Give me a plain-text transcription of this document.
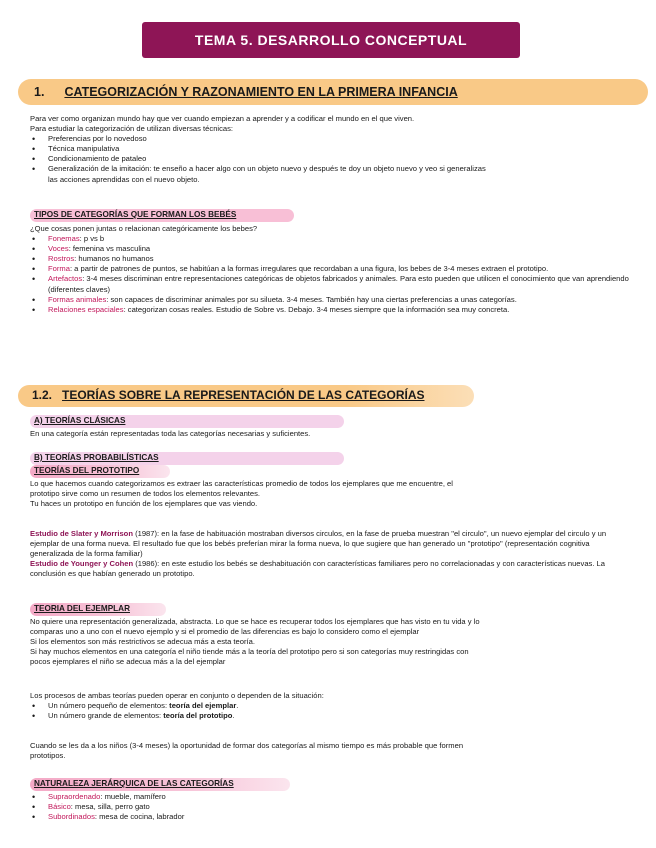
TEMA 5. DESARROLLO CONCEPTUAL
1. CATEGORIZACIÓN Y RAZONAMIENTO EN LA PRIMERA INFANCIA

Para ver como organizan mundo hay que ver cuando empiezan a aprender y a codificar el mundo en el que viven.

Para estudiar la categorización de utilizan diversas técnicas:

• Preferencias por lo novedoso
• Técnica manipulativa
• Condicionamiento de pataleo
• Generalización de la imitación: te enseño a hacer algo con un objeto nuevo y después te doy un objeto nuevo y veo si generalizas

las acciones aprendidas con el nuevo objeto.

TIPOS DE CATEGORÍAS QUE FORMAN LOS BEBÉS

¿Que cosas ponen juntas o relacionan categóricamente los bebes?

• Fonemas: p vs b
• Voces: femenina vs masculina
• Rostros: humanos no humanos
• Forma: a partir de patrones de puntos, se habitúan a la formas irregulares que recordaban a una figura, los bebes de 3-4 meses extraen el prototipo.
• Artefactos: 3-4 meses discriminan entre representaciones categóricas de objetos fabricados y animales. Para esto pueden que utilicen el conocimiento que van aprendiendo (diferentes claves)
• Formas animales: son capaces de discriminar animales por su silueta. 3-4 meses. También hay una ciertas preferencias a unas categorías.
• Relaciones espaciales: categorizan cosas reales. Estudio de Sobre vs. Debajo. 3-4 meses siempre que la información sea muy concreta.
1.2. TEORÍAS SOBRE LA REPRESENTACIÓN DE LAS CATEGORÍAS
A) TEORÍAS CLÁSICAS

En una categoría están representadas toda las categorías necesarias y suficientes.

B) TEORÍAS PROBABILÍSTICAS
TEORÍAS DEL PROTOTIPO

Lo que hacemos cuando categorizamos es extraer las características promedio de todos los ejemplares que me encuentre, el

prototipo sirve como un resumen de todos los elementos relevantes.

Tu haces un prototipo en función de los ejemplares que vas viendo.

Estudio de Slater y Morrison (1987): en la fase de habituación mostraban diversos circulos, en la fase de prueba muestran "el circulo", un nuevo ejemplar del circulo y un ejemplar de una forma nueva. El resultado fue que los bebés preferían mirar la forma nueva, lo que sugiere que han generado un "prototipo" (representación cognitiva generalizada de la forma familiar)

Estudio de Younger y Cohen (1986): en este estudio los bebés se deshabituación con características familiares pero no correlacionadas y con características nuevas. La conclusión es que habían generado un prototipo.

TEORIA DEL EJEMPLAR

No quiere una representación generalizada, abstracta. Lo que se hace es recuperar todos los ejemplares que has visto en tu vida y lo

comparas uno a uno con el nuevo ejemplo y si el promedio de las diferencias es bajo lo considero como el ejemplar

Si los elementos son más restrictivos se adecua más a esta teoría.

Si hay muchos elementos en una categoría el niño tiende más a la teoría del prototipo pero si son categorías muy restringidas con

pocos ejemplares el niño se adecua más a la del ejemplar

Los procesos de ambas teorías pueden operar en conjunto o dependen de la situación:

• Un número pequeño de elementos: teoría del ejemplar.
• Un número grande de elementos: teoría del prototipo.

Cuando se les da a los niños (3-4 meses) la oportunidad de formar dos categorías al mismo tiempo es más probable que formen

prototipos.

NATURALEZA JERÁRQUICA DE LAS CATEGORÍAS
• Supraordenado: mueble, mamífero
• Básico: mesa, silla, perro gato
• Subordinados: mesa de cocina, labrador
